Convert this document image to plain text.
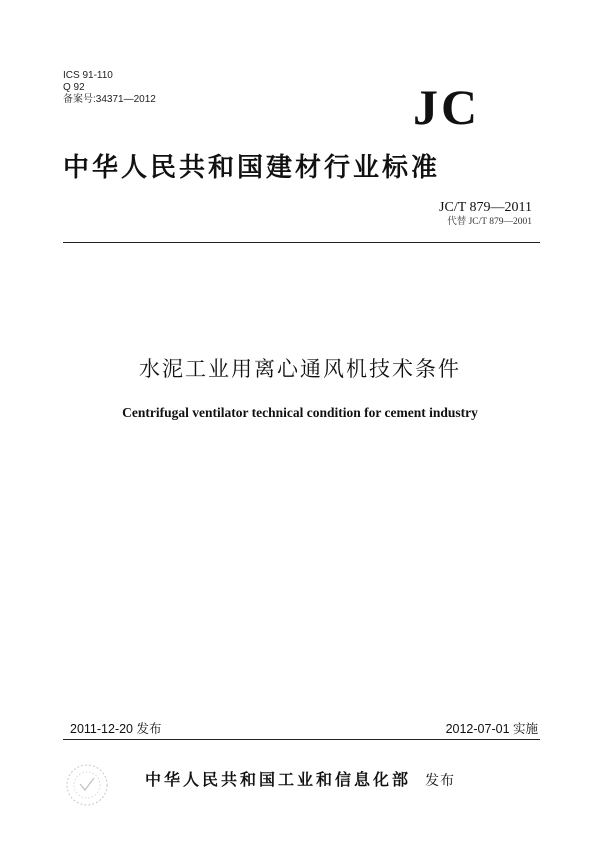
ICS 91-110
Q 92
备案号:34371—2012	JC
中华人民共和国建材行业标准
JC/T 879—2011
代替 JC/T 879—2001
水泥工业用离心通风机技术条件
Centrifugal ventilator technical condition for cement industry
2011-12-20 发布	2012-07-01 实施
中华人民共和国工业和信息化部 发布
